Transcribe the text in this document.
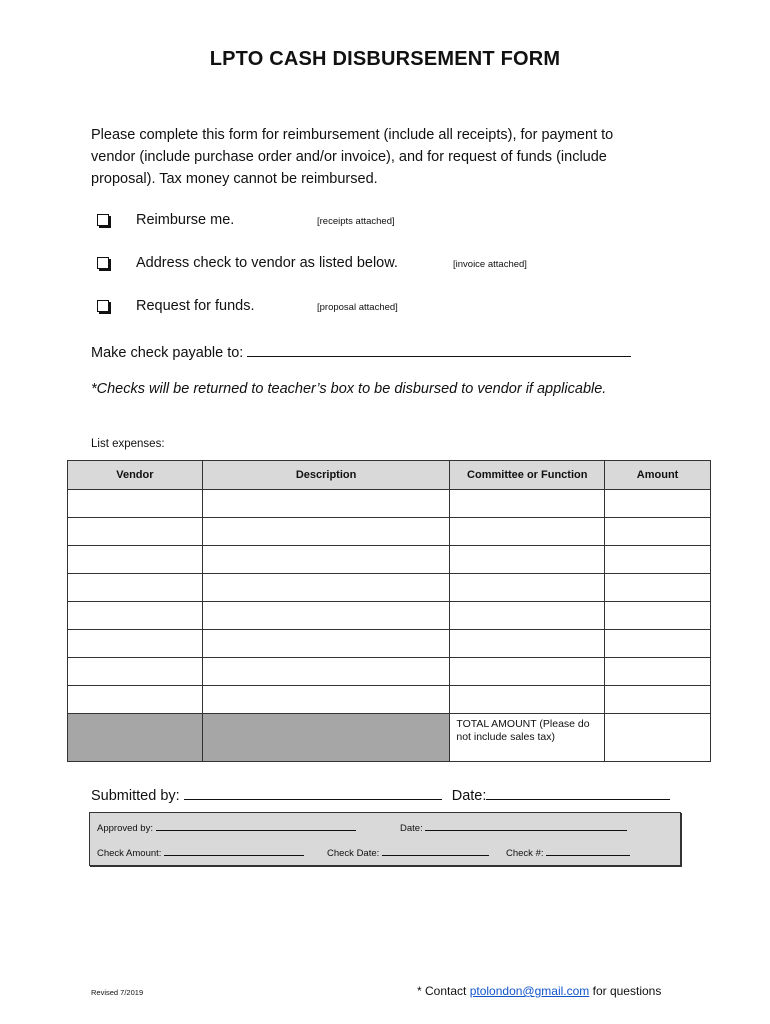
LPTO CASH DISBURSEMENT FORM
Please complete this form for reimbursement (include all receipts), for payment to vendor (include purchase order and/or invoice), and for request of funds (include proposal). Tax money cannot be reimbursed.
Reimburse me.	[receipts attached]
Address check to vendor as listed below.	[invoice attached]
Request for funds.	[proposal attached]
Make check payable to:
*Checks will be returned to teacher’s box to be disbursed to vendor if applicable.
List expenses:
Vendor	Description	Committee or Function	Amount

		TOTAL AMOUNT (Please do not include sales tax)	
Submitted by:	Date:
Approved by:	Date:
Check Amount:	Check Date:	Check #:
Revised 7/2019	* Contact ptolondon@gmail.com for questions
